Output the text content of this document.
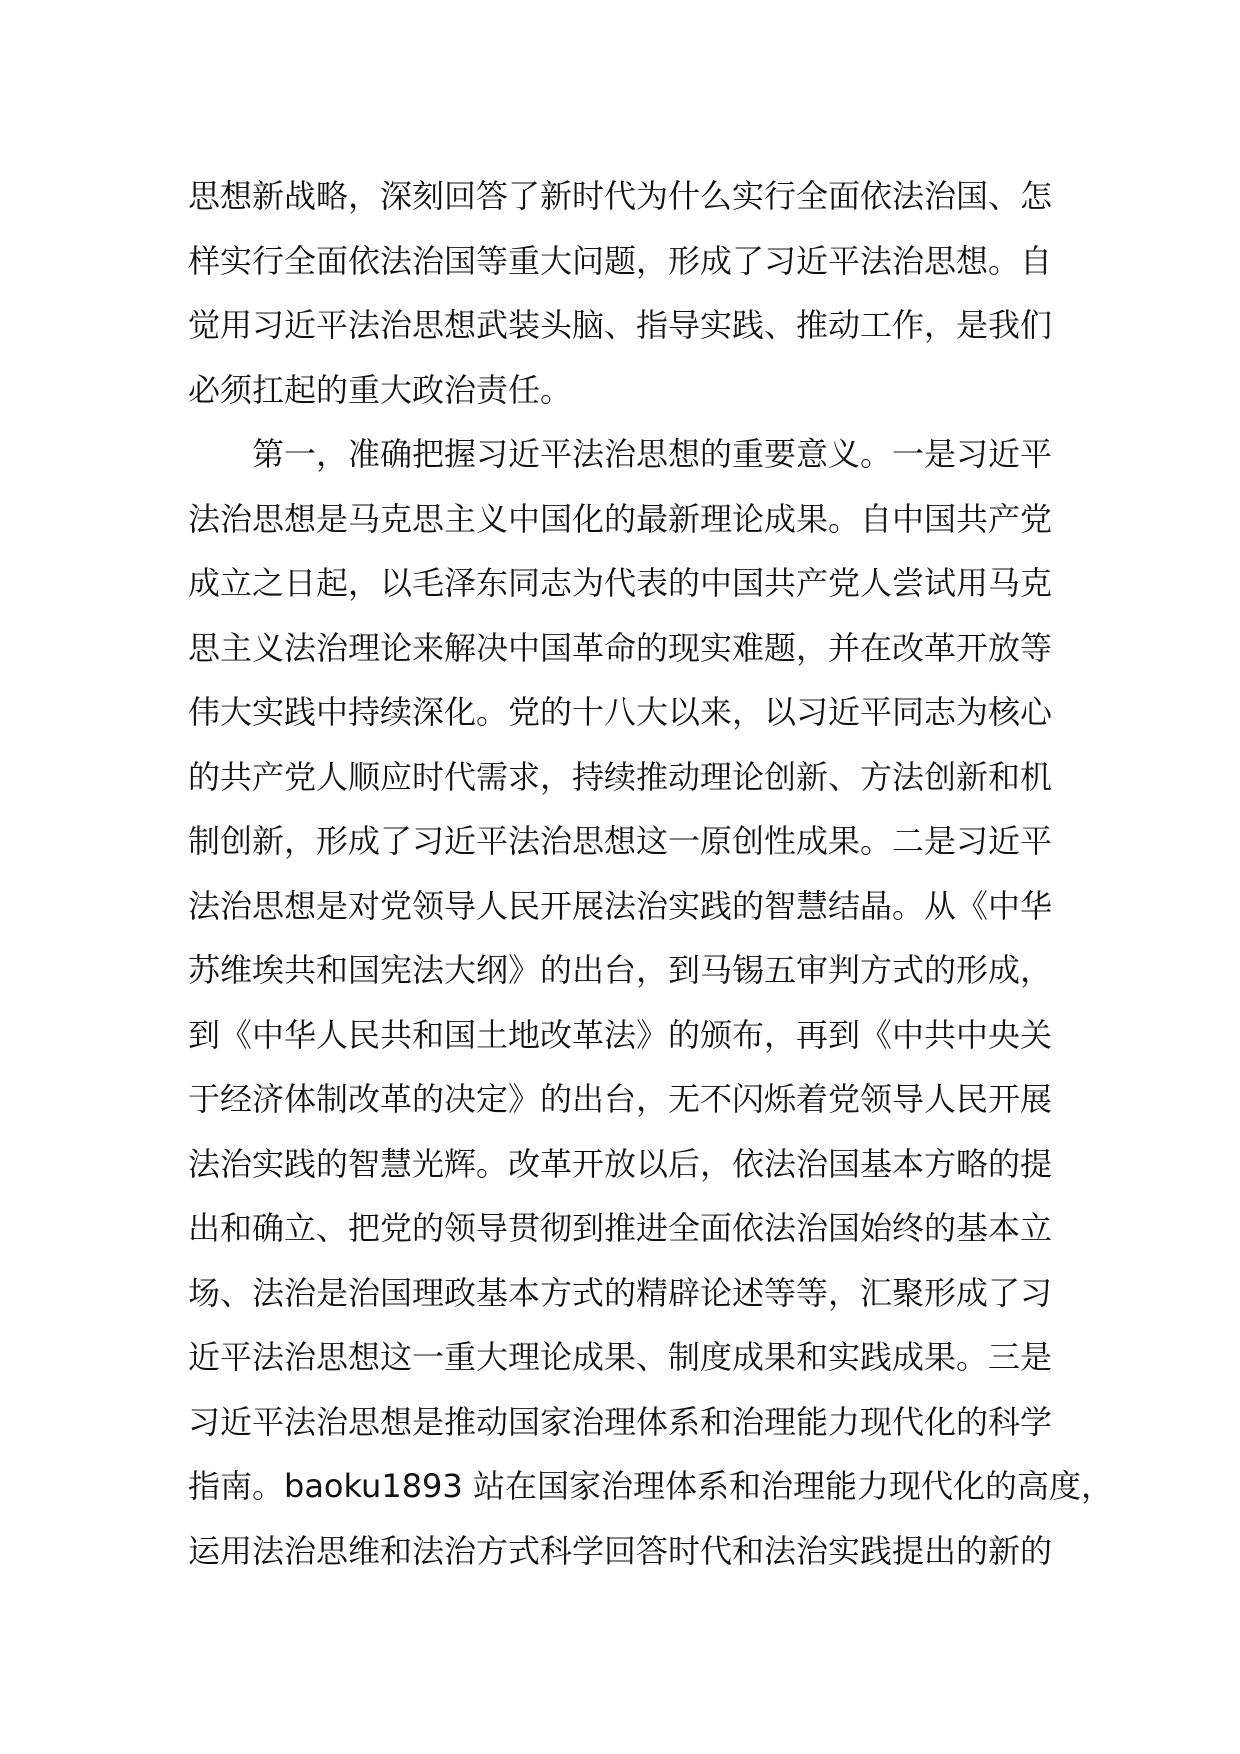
思想新战略，深刻回答了新时代为什么实行全面依法治国、怎
样实行全面依法治国等重大问题，形成了习近平法治思想。自
觉用习近平法治思想武装头脑、指导实践、推动工作，是我们
必须扛起的重大政治责任。
　　第一，准确把握习近平法治思想的重要意义。一是习近平
法治思想是马克思主义中国化的最新理论成果。自中国共产党
成立之日起，以毛泽东同志为代表的中国共产党人尝试用马克
思主义法治理论来解决中国革命的现实难题，并在改革开放等
伟大实践中持续深化。党的十八大以来，以习近平同志为核心
的共产党人顺应时代需求，持续推动理论创新、方法创新和机
制创新，形成了习近平法治思想这一原创性成果。二是习近平
法治思想是对党领导人民开展法治实践的智慧结晶。从《中华
苏维埃共和国宪法大纲》的出台，到马锡五审判方式的形成，
到《中华人民共和国土地改革法》的颁布，再到《中共中央关
于经济体制改革的决定》的出台，无不闪烁着党领导人民开展
法治实践的智慧光辉。改革开放以后，依法治国基本方略的提
出和确立、把党的领导贯彻到推进全面依法治国始终的基本立
场、法治是治国理政基本方式的精辟论述等等，汇聚形成了习
近平法治思想这一重大理论成果、制度成果和实践成果。三是
习近平法治思想是推动国家治理体系和治理能力现代化的科学
指南。baoku1893 站在国家治理体系和治理能力现代化的高度，
运用法治思维和法治方式科学回答时代和法治实践提出的新的
